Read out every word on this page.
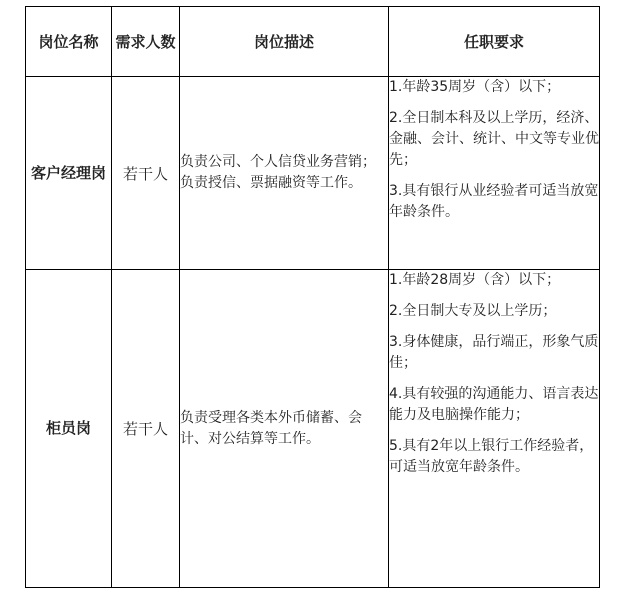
岗位名称	需求人数	岗位描述	任职要求
客户经理岗	若干人	负责公司、个人信贷业务营销；负责授信、票据融资等工作。	1.年龄35周岁（含）以下；

2.全日制本科及以上学历，经济、金融、会计、统计、中文等专业优先；

3.具有银行从业经验者可适当放宽年龄条件。

柜员岗	若干人	负责受理各类本外币储蓄、会计、对公结算等工作。	1.年龄28周岁（含）以下；

2.全日制大专及以上学历；

3.身体健康，品行端正，形象气质佳；

4.具有较强的沟通能力、语言表达能力及电脑操作能力；

5.具有2年以上银行工作经验者，可适当放宽年龄条件。
